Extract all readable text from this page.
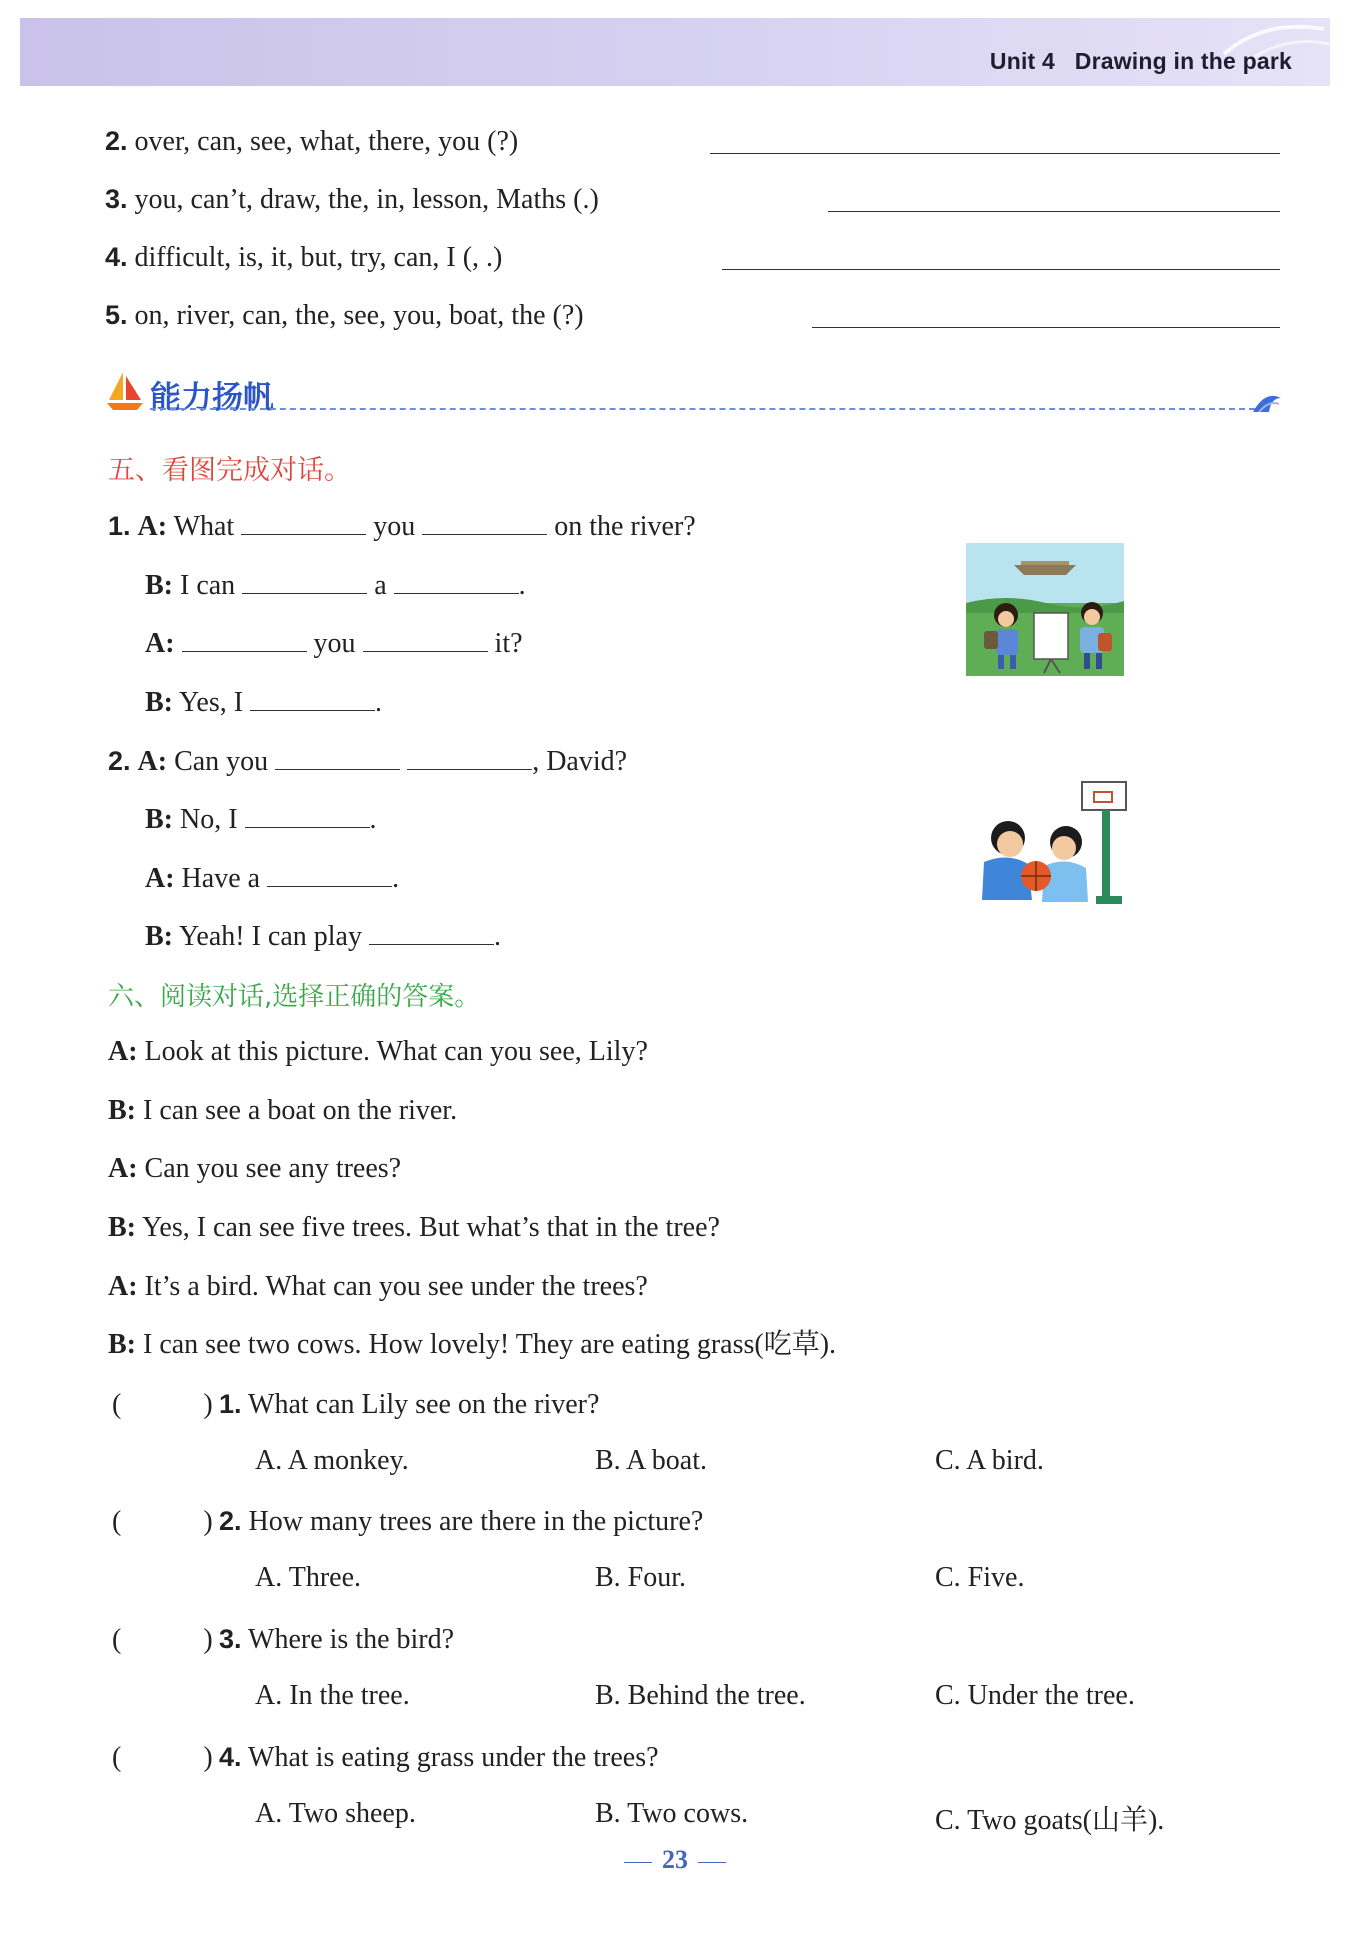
Unit 4 Drawing in the park
2. over, can, see, what, there, you (?)
3. you, can’t, draw, the, in, lesson, Maths (.)
4. difficult, is, it, but, try, can, I (, .)
5. on, river, can, the, see, you, boat, the (?)
能力扬帆
五、看图完成对话。
1. A: What	you	on the river?
B: I can	a	.
A:	you	it?
B: Yes, I	.
2. A: Can you	, David?
B: No, I	.
A: Have a	.
B: Yeah! I can play	.
六、阅读对话,选择正确的答案。
A: Look at this picture. What can you see, Lily?
B: I can see a boat on the river.
A: Can you see any trees?
B: Yes, I can see five trees. But what’s that in the tree?
A: It’s a bird. What can you see under the trees?
B: I can see two cows. How lovely! They are eating grass(吃草).
(	) 1. What can Lily see on the river?
A. A monkey.	B. A boat.	C. A bird.
(	) 2. How many trees are there in the picture?
A. Three.	B. Four.	C. Five.
(	) 3. Where is the bird?
A. In the tree.	B. Behind the tree.	C. Under the tree.
(	) 4. What is eating grass under the trees?
A. Two sheep.	B. Two cows.	C. Two goats(山羊).
23
